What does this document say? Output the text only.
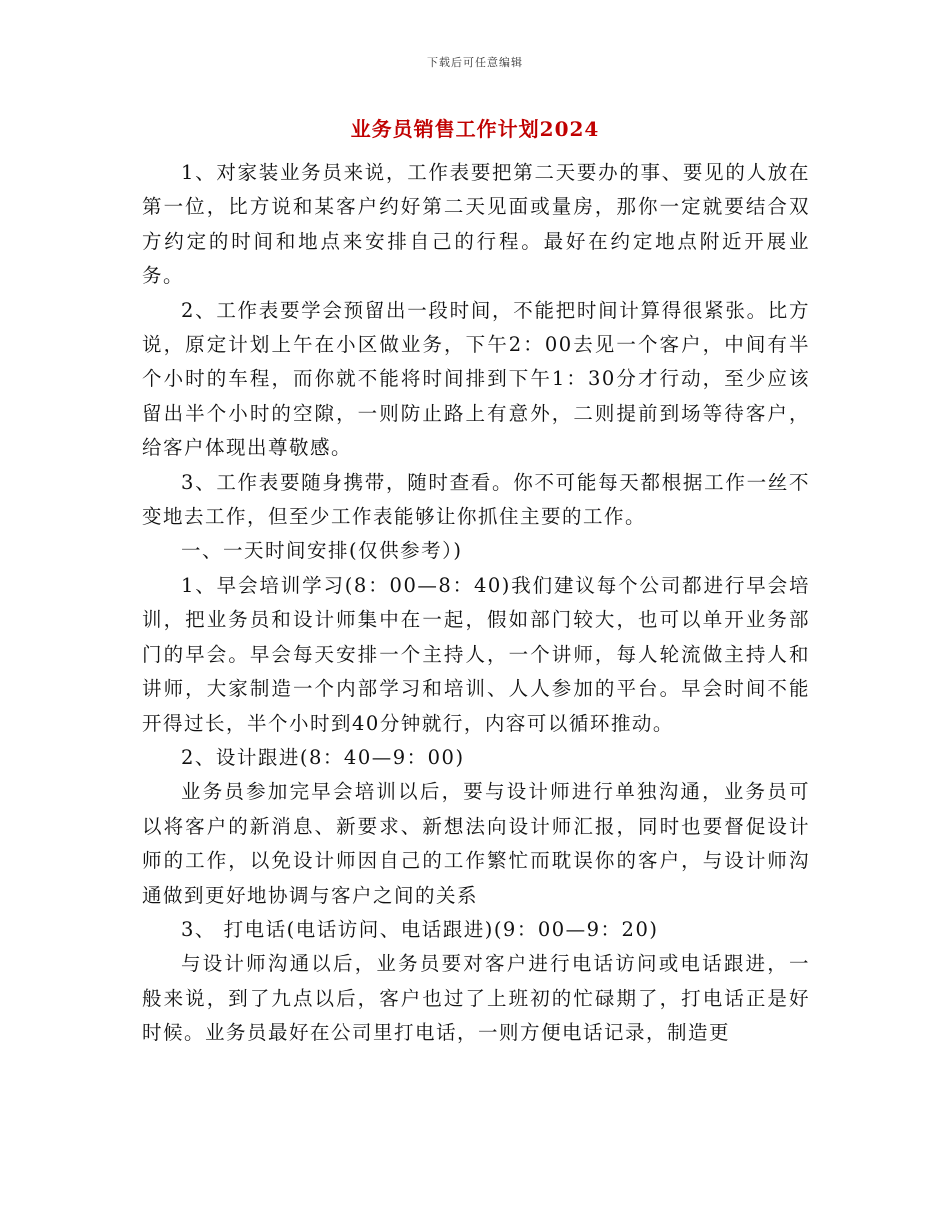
下载后可任意编辑
业务员销售工作计划2024

1、对家装业务员来说，工作表要把第二天要办的事、要见的人放在第一位，比方说和某客户约好第二天见面或量房，那你一定就要结合双方约定的时间和地点来安排自己的行程。最好在约定地点附近开展业务。

2、工作表要学会预留出一段时间，不能把时间计算得很紧张。比方说，原定计划上午在小区做业务，下午2：00去见一个客户，中间有半个小时的车程，而你就不能将时间排到下午1：30分才行动，至少应该留出半个小时的空隙，一则防止路上有意外，二则提前到场等待客户，给客户体现出尊敬感。

3、工作表要随身携带，随时查看。你不可能每天都根据工作一丝不变地去工作，但至少工作表能够让你抓住主要的工作。

一、一天时间安排(仅供参考）)

1、早会培训学习(8：00—8：40)我们建议每个公司都进行早会培训，把业务员和设计师集中在一起，假如部门较大，也可以单开业务部门的早会。早会每天安排一个主持人，一个讲师，每人轮流做主持人和讲师，大家制造一个内部学习和培训、人人参加的平台。早会时间不能开得过长，半个小时到40分钟就行，内容可以循环推动。

2、设计跟进(8：40—9：00)

业务员参加完早会培训以后，要与设计师进行单独沟通，业务员可以将客户的新消息、新要求、新想法向设计师汇报，同时也要督促设计师的工作，以免设计师因自己的工作繁忙而耽误你的客户，与设计师沟通做到更好地协调与客户之间的关系

3、 打电话(电话访问、电话跟进)(9：00—9：20)

与设计师沟通以后，业务员要对客户进行电话访问或电话跟进，一般来说，到了九点以后，客户也过了上班初的忙碌期了，打电话正是好时候。业务员最好在公司里打电话，一则方便电话记录，制造更
